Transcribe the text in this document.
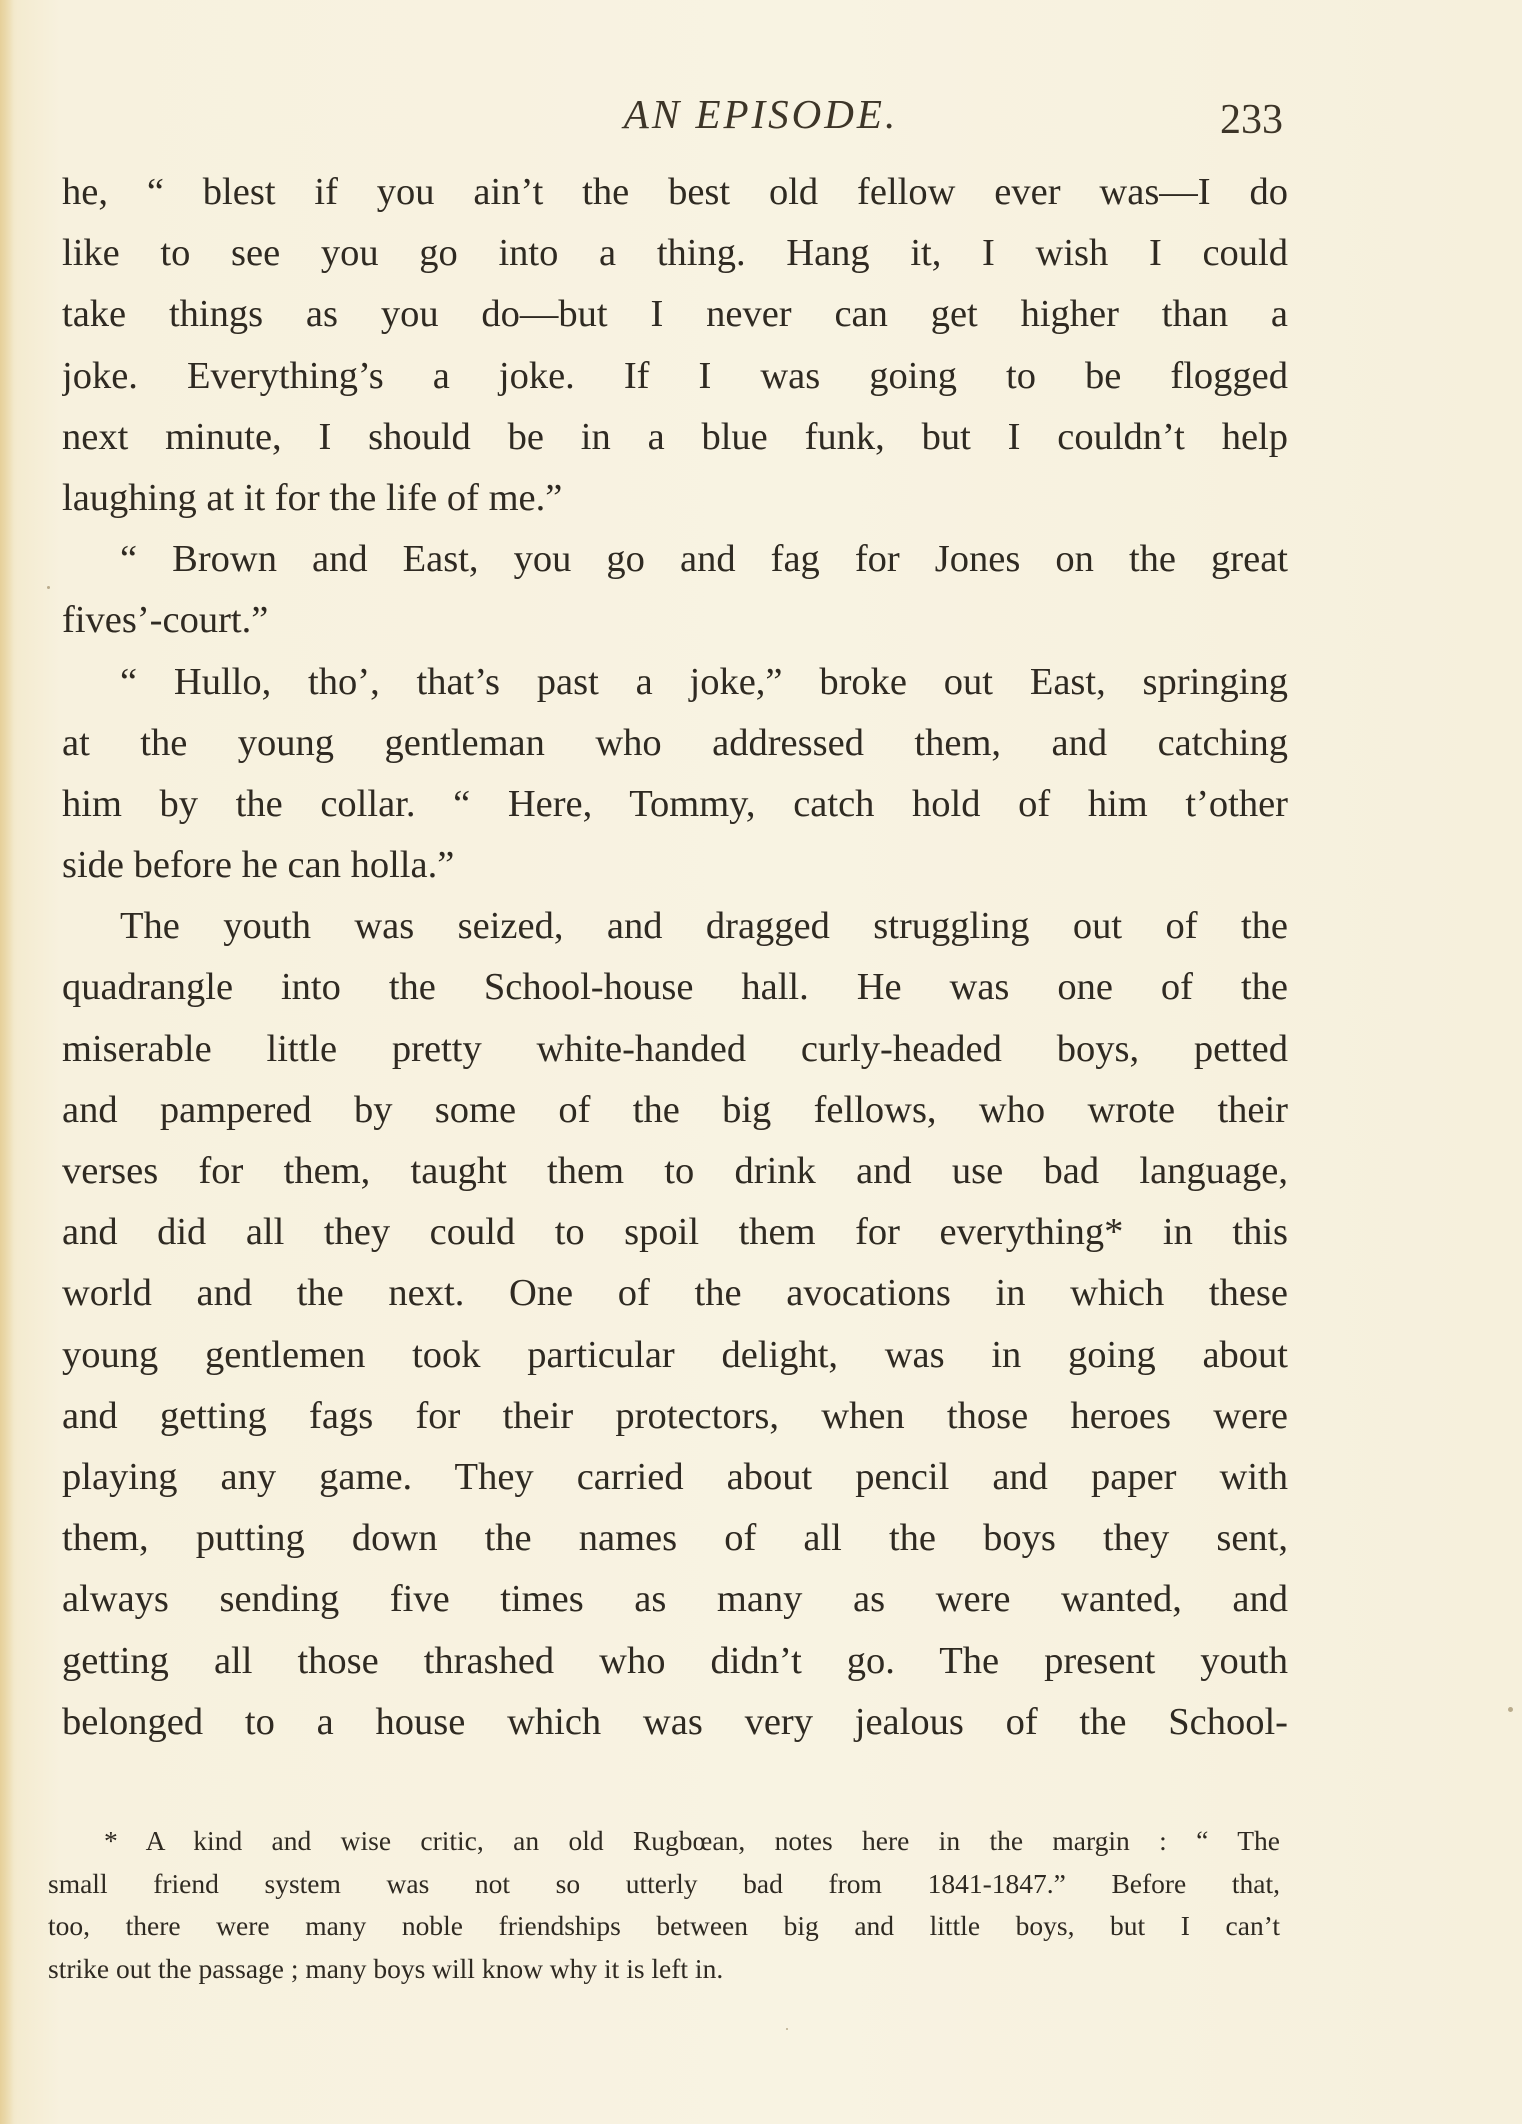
AN EPISODE.	233
he, “ blest if you ain’t the best old fellow ever was—I do
like to see you go into a thing. Hang it, I wish I could
take things as you do—but I never can get higher than a
joke. Everything’s a joke. If I was going to be flogged
next minute, I should be in a blue funk, but I couldn’t help
laughing at it for the life of me.”
“ Brown and East, you go and fag for Jones on the great
fives’-court.”
“ Hullo, tho’, that’s past a joke,” broke out East, springing
at the young gentleman who addressed them, and catching
him by the collar. “ Here, Tommy, catch hold of him t’other
side before he can holla.”
The youth was seized, and dragged struggling out of the
quadrangle into the School-house hall. He was one of the
miserable little pretty white-handed curly-headed boys, petted
and pampered by some of the big fellows, who wrote their
verses for them, taught them to drink and use bad language,
and did all they could to spoil them for everything* in this
world and the next. One of the avocations in which these
young gentlemen took particular delight, was in going about
and getting fags for their protectors, when those heroes were
playing any game. They carried about pencil and paper with
them, putting down the names of all the boys they sent,
always sending five times as many as were wanted, and
getting all those thrashed who didn’t go. The present youth
belonged to a house which was very jealous of the School-
* A kind and wise critic, an old Rugbœan, notes here in the margin : “ The
small friend system was not so utterly bad from 1841-1847.” Before that,
too, there were many noble friendships between big and little boys, but I can’t
strike out the passage ; many boys will know why it is left in.
